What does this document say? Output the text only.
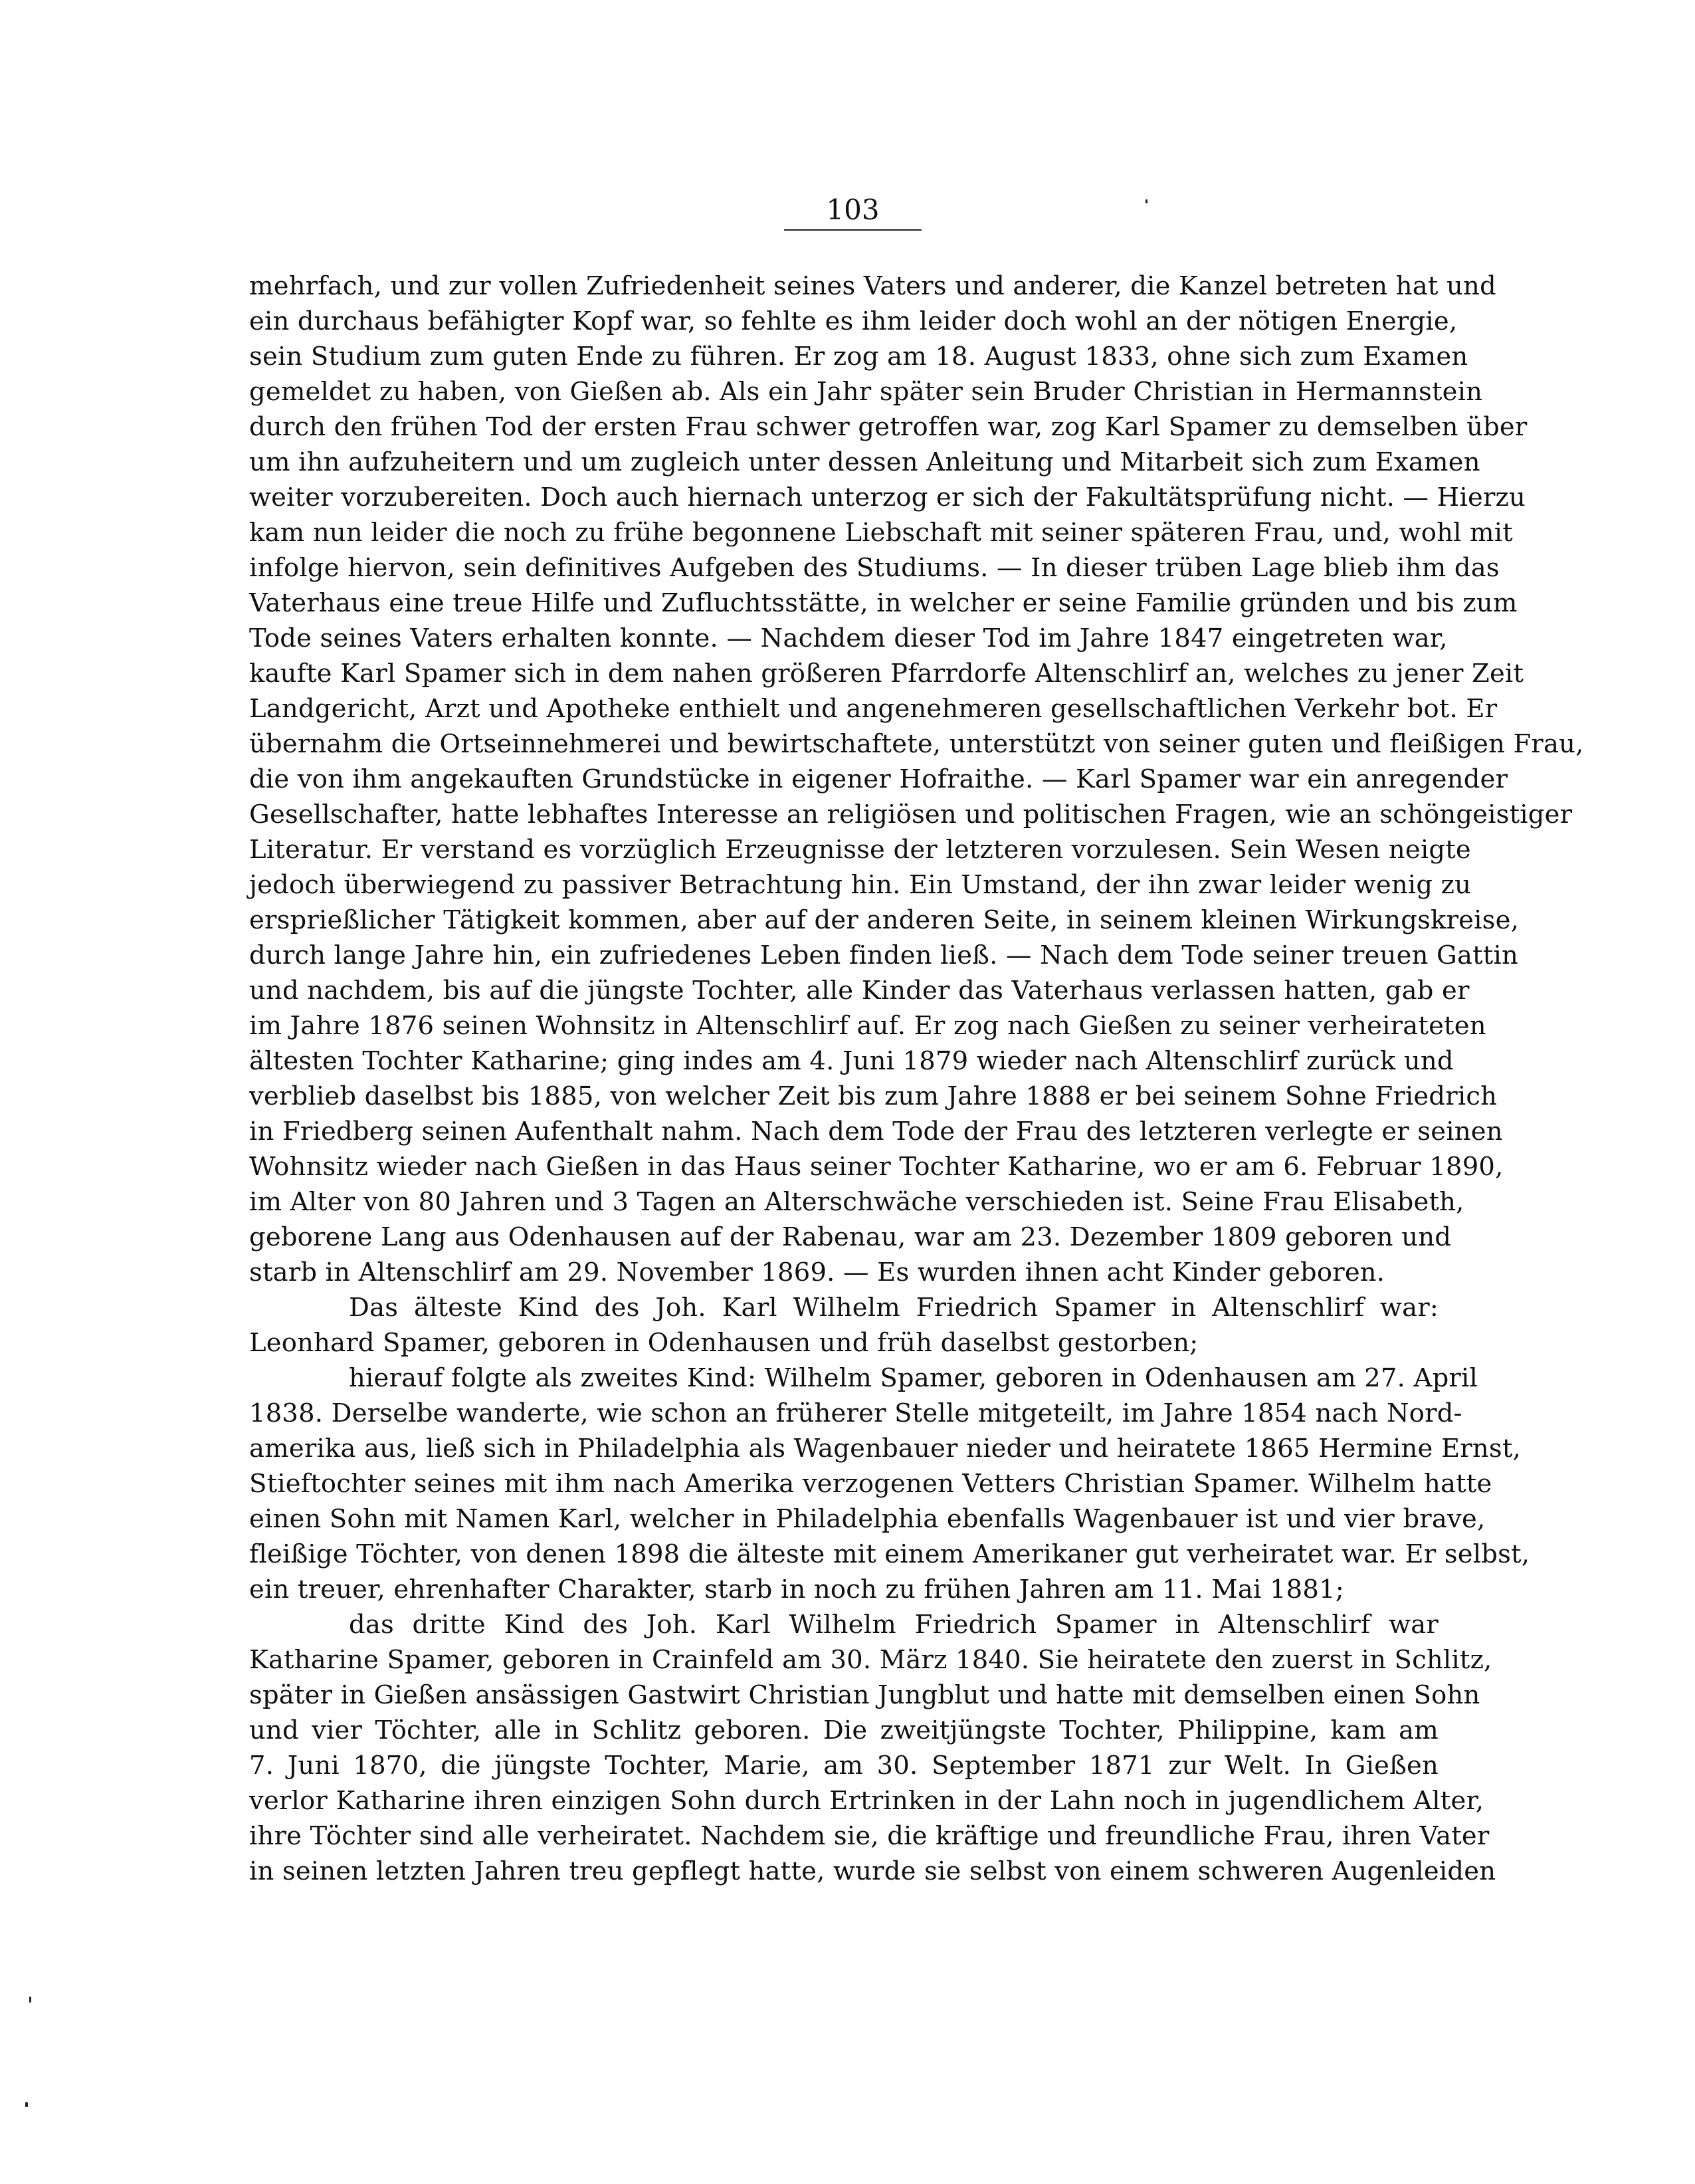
103
mehrfach, und zur vollen Zufriedenheit seines Vaters und anderer, die Kanzel betreten hat und
ein durchaus befähigter Kopf war, so fehlte es ihm leider doch wohl an der nötigen Energie,
sein Studium zum guten Ende zu führen. Er zog am 18. August 1833, ohne sich zum Examen
gemeldet zu haben, von Gießen ab. Als ein Jahr später sein Bruder Christian in Hermannstein
durch den frühen Tod der ersten Frau schwer getroffen war, zog Karl Spamer zu demselben über
um ihn aufzuheitern und um zugleich unter dessen Anleitung und Mitarbeit sich zum Examen
weiter vorzubereiten. Doch auch hiernach unterzog er sich der Fakultätsprüfung nicht. — Hierzu
kam nun leider die noch zu frühe begonnene Liebschaft mit seiner späteren Frau, und, wohl mit
infolge hiervon, sein definitives Aufgeben des Studiums. — In dieser trüben Lage blieb ihm das
Vaterhaus eine treue Hilfe und Zufluchtsstätte, in welcher er seine Familie gründen und bis zum
Tode seines Vaters erhalten konnte. — Nachdem dieser Tod im Jahre 1847 eingetreten war,
kaufte Karl Spamer sich in dem nahen größeren Pfarrdorfe Altenschlirf an, welches zu jener Zeit
Landgericht, Arzt und Apotheke enthielt und angenehmeren gesellschaftlichen Verkehr bot. Er
übernahm die Ortseinnehmerei und bewirtschaftete, unterstützt von seiner guten und fleißigen Frau,
die von ihm angekauften Grundstücke in eigener Hofraithe. — Karl Spamer war ein anregender
Gesellschafter, hatte lebhaftes Interesse an religiösen und politischen Fragen, wie an schöngeistiger
Literatur. Er verstand es vorzüglich Erzeugnisse der letzteren vorzulesen. Sein Wesen neigte
jedoch überwiegend zu passiver Betrachtung hin. Ein Umstand, der ihn zwar leider wenig zu
ersprießlicher Tätigkeit kommen, aber auf der anderen Seite, in seinem kleinen Wirkungskreise,
durch lange Jahre hin, ein zufriedenes Leben finden ließ. — Nach dem Tode seiner treuen Gattin
und nachdem, bis auf die jüngste Tochter, alle Kinder das Vaterhaus verlassen hatten, gab er
im Jahre 1876 seinen Wohnsitz in Altenschlirf auf. Er zog nach Gießen zu seiner verheirateten
ältesten Tochter Katharine; ging indes am 4. Juni 1879 wieder nach Altenschlirf zurück und
verblieb daselbst bis 1885, von welcher Zeit bis zum Jahre 1888 er bei seinem Sohne Friedrich
in Friedberg seinen Aufenthalt nahm. Nach dem Tode der Frau des letzteren verlegte er seinen
Wohnsitz wieder nach Gießen in das Haus seiner Tochter Katharine, wo er am 6. Februar 1890,
im Alter von 80 Jahren und 3 Tagen an Alterschwäche verschieden ist. Seine Frau Elisabeth,
geborene Lang aus Odenhausen auf der Rabenau, war am 23. Dezember 1809 geboren und
starb in Altenschlirf am 29. November 1869. — Es wurden ihnen acht Kinder geboren.
Das älteste Kind des Joh. Karl Wilhelm Friedrich Spamer in Altenschlirf war:
Leonhard Spamer, geboren in Odenhausen und früh daselbst gestorben;
hierauf folgte als zweites Kind: Wilhelm Spamer, geboren in Odenhausen am 27. April
1838. Derselbe wanderte, wie schon an früherer Stelle mitgeteilt, im Jahre 1854 nach Nord-
amerika aus, ließ sich in Philadelphia als Wagenbauer nieder und heiratete 1865 Hermine Ernst,
Stieftochter seines mit ihm nach Amerika verzogenen Vetters Christian Spamer. Wilhelm hatte
einen Sohn mit Namen Karl, welcher in Philadelphia ebenfalls Wagenbauer ist und vier brave,
fleißige Töchter, von denen 1898 die älteste mit einem Amerikaner gut verheiratet war. Er selbst,
ein treuer, ehrenhafter Charakter, starb in noch zu frühen Jahren am 11. Mai 1881;
das dritte Kind des Joh. Karl Wilhelm Friedrich Spamer in Altenschlirf war
Katharine Spamer, geboren in Crainfeld am 30. März 1840. Sie heiratete den zuerst in Schlitz,
später in Gießen ansässigen Gastwirt Christian Jungblut und hatte mit demselben einen Sohn
und vier Töchter, alle in Schlitz geboren. Die zweitjüngste Tochter, Philippine, kam am
7. Juni 1870, die jüngste Tochter, Marie, am 30. September 1871 zur Welt. In Gießen
verlor Katharine ihren einzigen Sohn durch Ertrinken in der Lahn noch in jugendlichem Alter,
ihre Töchter sind alle verheiratet. Nachdem sie, die kräftige und freundliche Frau, ihren Vater
in seinen letzten Jahren treu gepflegt hatte, wurde sie selbst von einem schweren Augenleiden
